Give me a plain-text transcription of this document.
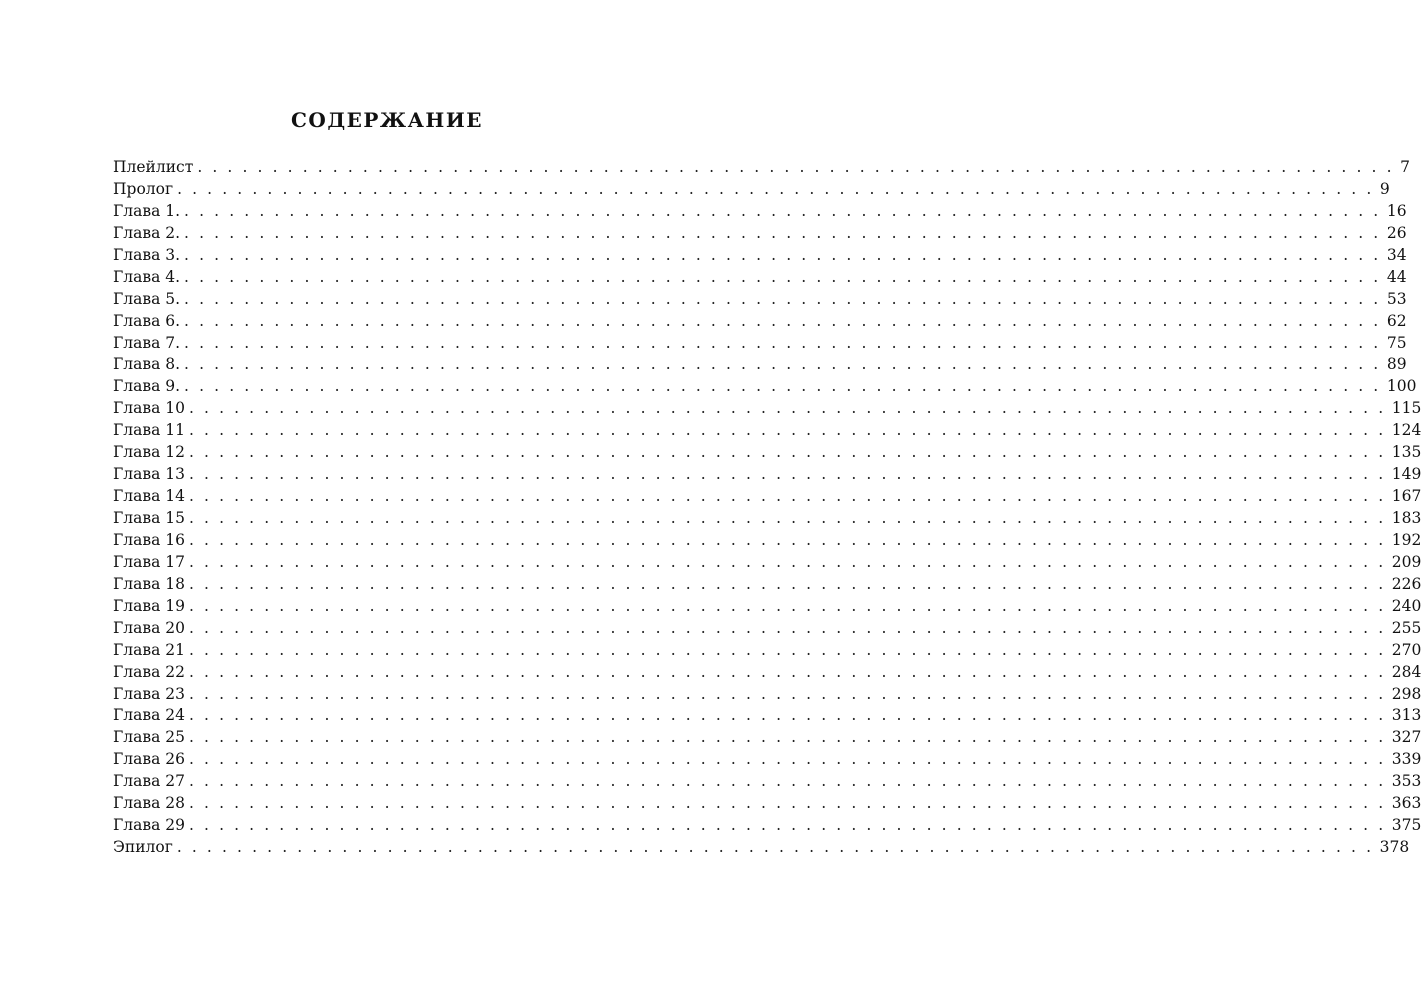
СОДЕРЖАНИЕ
Плейлист . . . . . . . . . . . . . . . . . . . . . . . . . . . . . . . . . . . . . . . . . . . . . . . . . . . . . . . . . . . . . . . . . . . . . . . . . . . . . . . . 7
Пролог . . . . . . . . . . . . . . . . . . . . . . . . . . . . . . . . . . . . . . . . . . . . . . . . . . . . . . . . . . . . . . . . . . . . . . . . . . . . . . . . 9
Глава 1. . . . . . . . . . . . . . . . . . . . . . . . . . . . . . . . . . . . . . . . . . . . . . . . . . . . . . . . . . . . . . . . . . . . . . . . . . . . . . . . . 16
Глава 2. . . . . . . . . . . . . . . . . . . . . . . . . . . . . . . . . . . . . . . . . . . . . . . . . . . . . . . . . . . . . . . . . . . . . . . . . . . . . . . . . 26
Глава 3. . . . . . . . . . . . . . . . . . . . . . . . . . . . . . . . . . . . . . . . . . . . . . . . . . . . . . . . . . . . . . . . . . . . . . . . . . . . . . . . . 34
Глава 4. . . . . . . . . . . . . . . . . . . . . . . . . . . . . . . . . . . . . . . . . . . . . . . . . . . . . . . . . . . . . . . . . . . . . . . . . . . . . . . . . 44
Глава 5. . . . . . . . . . . . . . . . . . . . . . . . . . . . . . . . . . . . . . . . . . . . . . . . . . . . . . . . . . . . . . . . . . . . . . . . . . . . . . . . . 53
Глава 6. . . . . . . . . . . . . . . . . . . . . . . . . . . . . . . . . . . . . . . . . . . . . . . . . . . . . . . . . . . . . . . . . . . . . . . . . . . . . . . . . 62
Глава 7. . . . . . . . . . . . . . . . . . . . . . . . . . . . . . . . . . . . . . . . . . . . . . . . . . . . . . . . . . . . . . . . . . . . . . . . . . . . . . . . . 75
Глава 8. . . . . . . . . . . . . . . . . . . . . . . . . . . . . . . . . . . . . . . . . . . . . . . . . . . . . . . . . . . . . . . . . . . . . . . . . . . . . . . . . 89
Глава 9. . . . . . . . . . . . . . . . . . . . . . . . . . . . . . . . . . . . . . . . . . . . . . . . . . . . . . . . . . . . . . . . . . . . . . . . . . . . . . . . . 100
Глава 10 . . . . . . . . . . . . . . . . . . . . . . . . . . . . . . . . . . . . . . . . . . . . . . . . . . . . . . . . . . . . . . . . . . . . . . . . . . . . . . . . 115
Глава 11 . . . . . . . . . . . . . . . . . . . . . . . . . . . . . . . . . . . . . . . . . . . . . . . . . . . . . . . . . . . . . . . . . . . . . . . . . . . . . . . . 124
Глава 12 . . . . . . . . . . . . . . . . . . . . . . . . . . . . . . . . . . . . . . . . . . . . . . . . . . . . . . . . . . . . . . . . . . . . . . . . . . . . . . . . 135
Глава 13 . . . . . . . . . . . . . . . . . . . . . . . . . . . . . . . . . . . . . . . . . . . . . . . . . . . . . . . . . . . . . . . . . . . . . . . . . . . . . . . . 149
Глава 14 . . . . . . . . . . . . . . . . . . . . . . . . . . . . . . . . . . . . . . . . . . . . . . . . . . . . . . . . . . . . . . . . . . . . . . . . . . . . . . . . 167
Глава 15 . . . . . . . . . . . . . . . . . . . . . . . . . . . . . . . . . . . . . . . . . . . . . . . . . . . . . . . . . . . . . . . . . . . . . . . . . . . . . . . . 183
Глава 16 . . . . . . . . . . . . . . . . . . . . . . . . . . . . . . . . . . . . . . . . . . . . . . . . . . . . . . . . . . . . . . . . . . . . . . . . . . . . . . . . 192
Глава 17 . . . . . . . . . . . . . . . . . . . . . . . . . . . . . . . . . . . . . . . . . . . . . . . . . . . . . . . . . . . . . . . . . . . . . . . . . . . . . . . . 209
Глава 18 . . . . . . . . . . . . . . . . . . . . . . . . . . . . . . . . . . . . . . . . . . . . . . . . . . . . . . . . . . . . . . . . . . . . . . . . . . . . . . . . 226
Глава 19 . . . . . . . . . . . . . . . . . . . . . . . . . . . . . . . . . . . . . . . . . . . . . . . . . . . . . . . . . . . . . . . . . . . . . . . . . . . . . . . . 240
Глава 20 . . . . . . . . . . . . . . . . . . . . . . . . . . . . . . . . . . . . . . . . . . . . . . . . . . . . . . . . . . . . . . . . . . . . . . . . . . . . . . . . 255
Глава 21 . . . . . . . . . . . . . . . . . . . . . . . . . . . . . . . . . . . . . . . . . . . . . . . . . . . . . . . . . . . . . . . . . . . . . . . . . . . . . . . . 270
Глава 22 . . . . . . . . . . . . . . . . . . . . . . . . . . . . . . . . . . . . . . . . . . . . . . . . . . . . . . . . . . . . . . . . . . . . . . . . . . . . . . . . 284
Глава 23 . . . . . . . . . . . . . . . . . . . . . . . . . . . . . . . . . . . . . . . . . . . . . . . . . . . . . . . . . . . . . . . . . . . . . . . . . . . . . . . . 298
Глава 24 . . . . . . . . . . . . . . . . . . . . . . . . . . . . . . . . . . . . . . . . . . . . . . . . . . . . . . . . . . . . . . . . . . . . . . . . . . . . . . . . 313
Глава 25 . . . . . . . . . . . . . . . . . . . . . . . . . . . . . . . . . . . . . . . . . . . . . . . . . . . . . . . . . . . . . . . . . . . . . . . . . . . . . . . . 327
Глава 26 . . . . . . . . . . . . . . . . . . . . . . . . . . . . . . . . . . . . . . . . . . . . . . . . . . . . . . . . . . . . . . . . . . . . . . . . . . . . . . . . 339
Глава 27 . . . . . . . . . . . . . . . . . . . . . . . . . . . . . . . . . . . . . . . . . . . . . . . . . . . . . . . . . . . . . . . . . . . . . . . . . . . . . . . . 353
Глава 28 . . . . . . . . . . . . . . . . . . . . . . . . . . . . . . . . . . . . . . . . . . . . . . . . . . . . . . . . . . . . . . . . . . . . . . . . . . . . . . . . 363
Глава 29 . . . . . . . . . . . . . . . . . . . . . . . . . . . . . . . . . . . . . . . . . . . . . . . . . . . . . . . . . . . . . . . . . . . . . . . . . . . . . . . . 375
Эпилог . . . . . . . . . . . . . . . . . . . . . . . . . . . . . . . . . . . . . . . . . . . . . . . . . . . . . . . . . . . . . . . . . . . . . . . . . . . . . . . . 378
